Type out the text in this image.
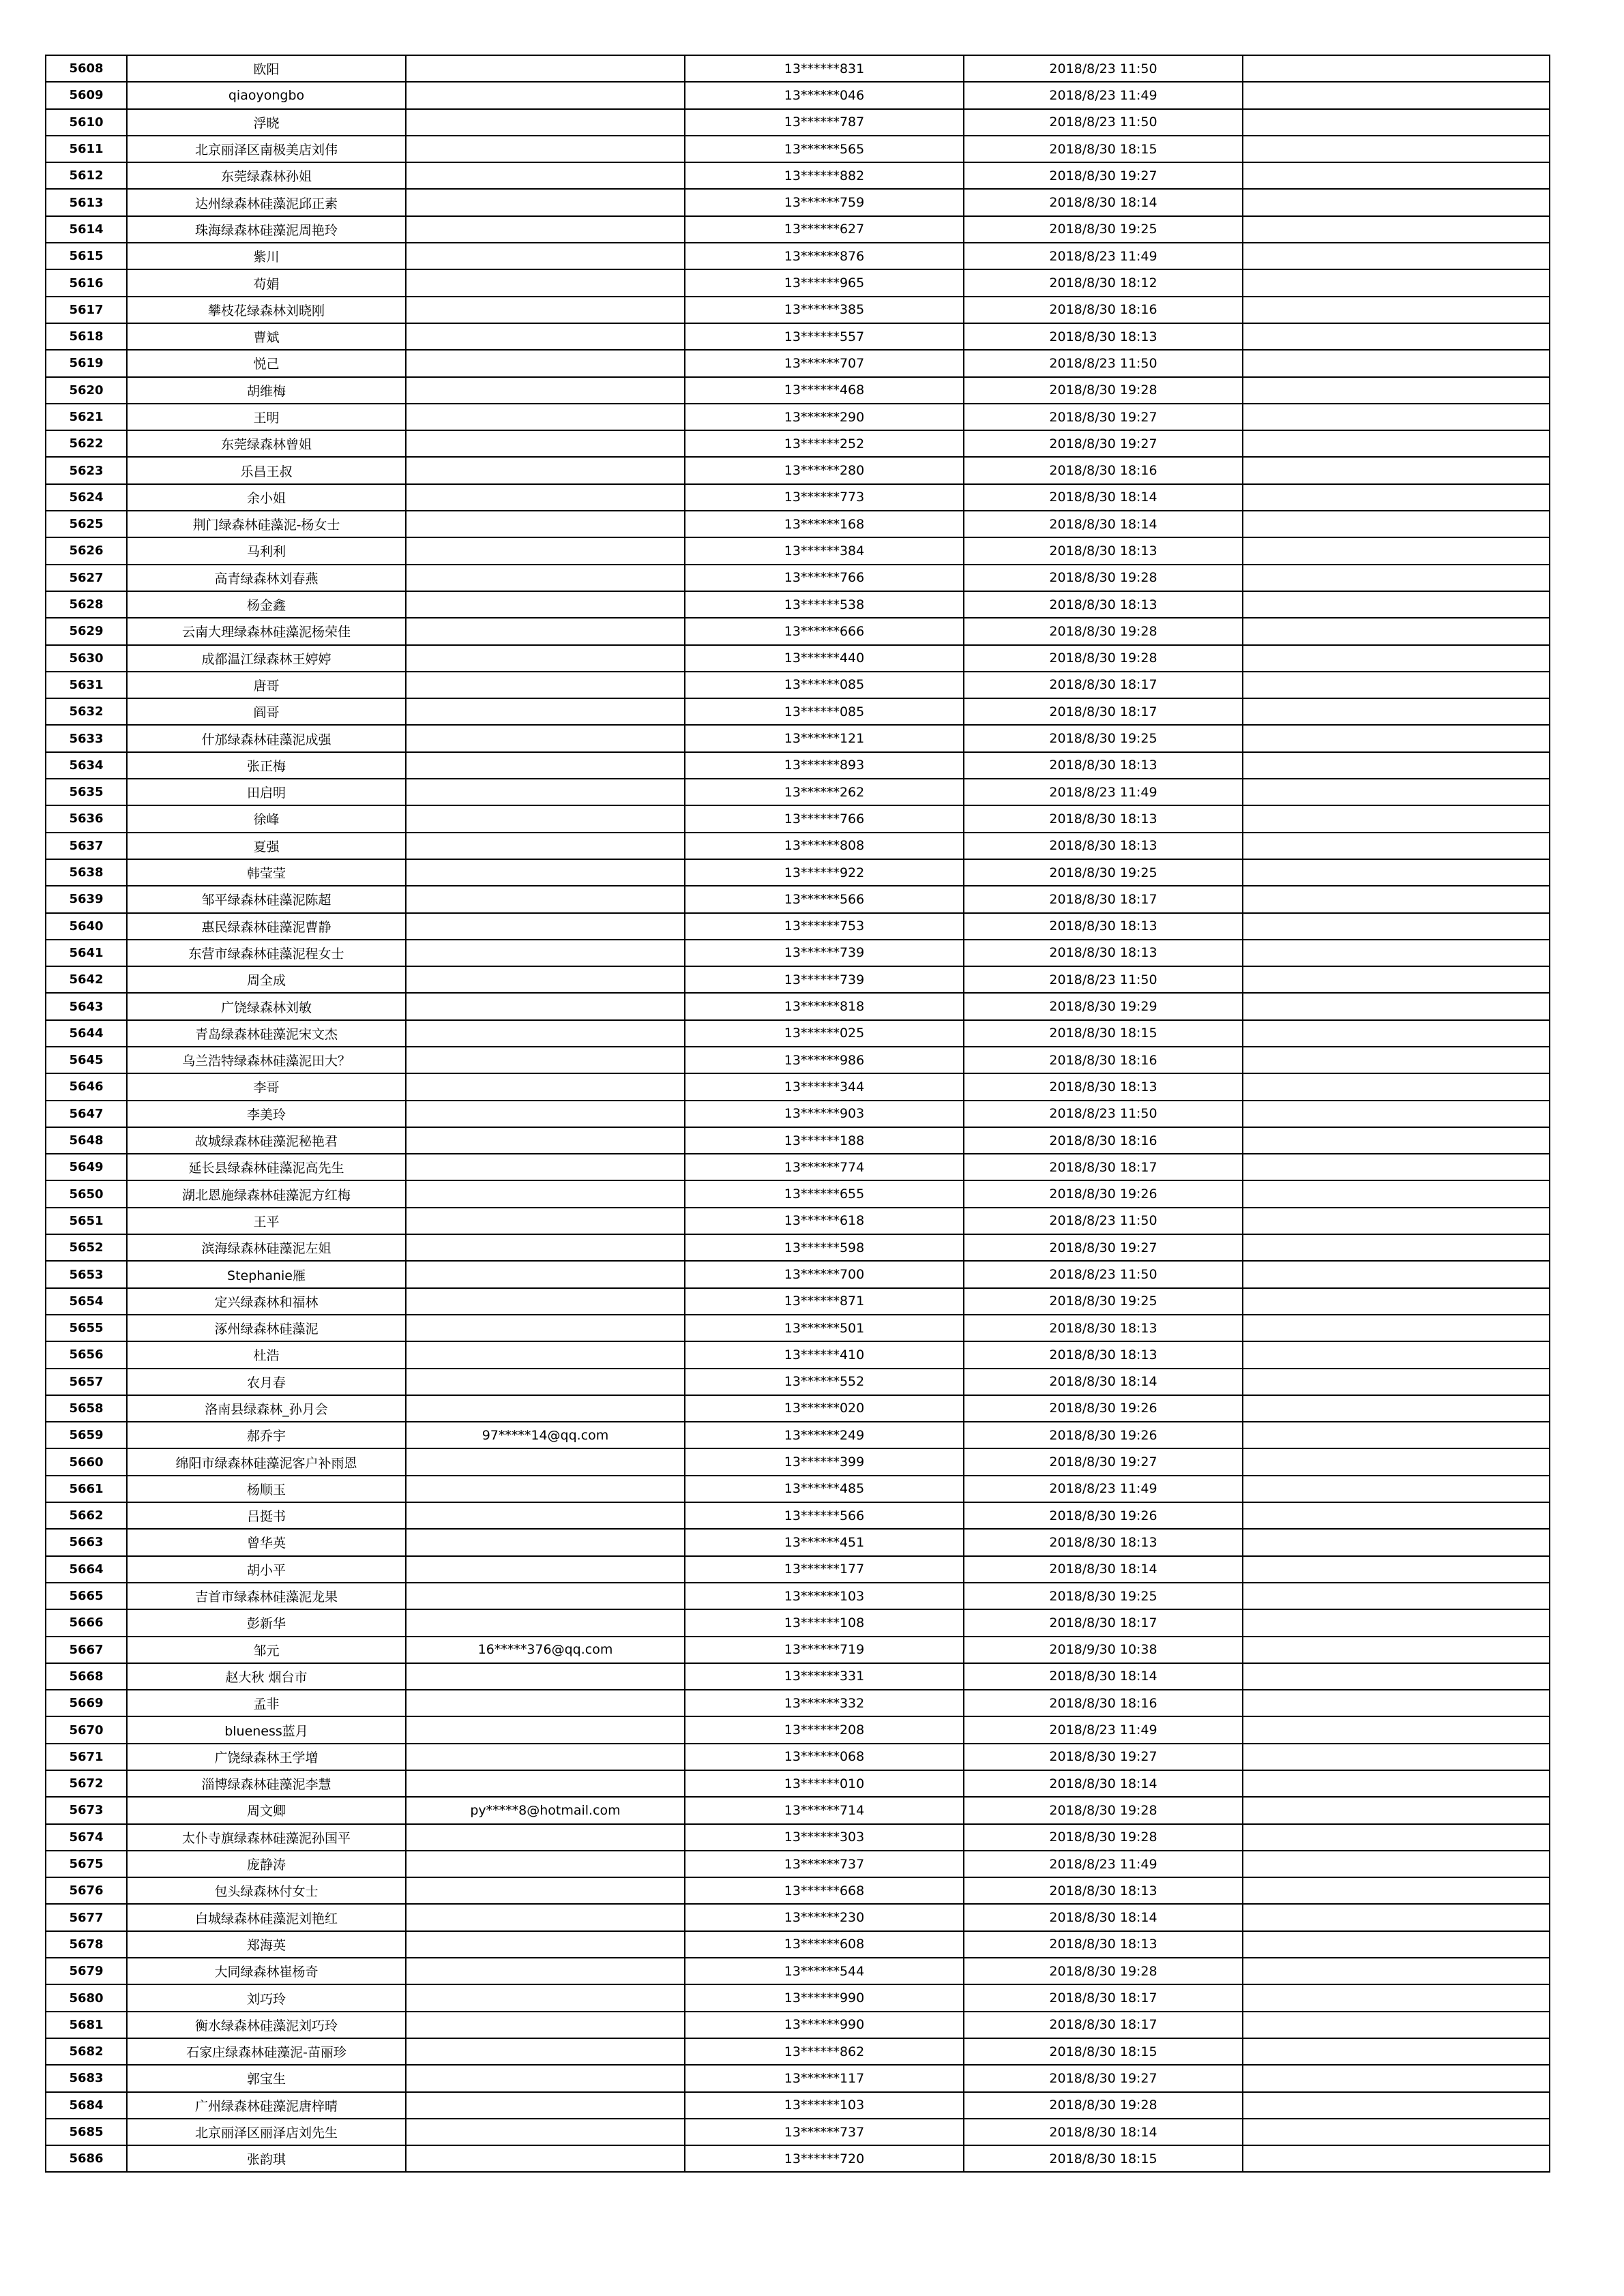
5608	欧阳		13******831	2018/8/23 11:50	
5609	qiaoyongbo		13******046	2018/8/23 11:49	
5610	浮晓		13******787	2018/8/23 11:50	
5611	北京丽泽区南极美店刘伟		13******565	2018/8/30 18:15	
5612	东莞绿森林孙姐		13******882	2018/8/30 19:27	
5613	达州绿森林硅藻泥邱正素		13******759	2018/8/30 18:14	
5614	珠海绿森林硅藻泥周艳玲		13******627	2018/8/30 19:25	
5615	紫川		13******876	2018/8/23 11:49	
5616	苟娟		13******965	2018/8/30 18:12	
5617	攀枝花绿森林刘晓刚		13******385	2018/8/30 18:16	
5618	曹斌		13******557	2018/8/30 18:13	
5619	悦己		13******707	2018/8/23 11:50	
5620	胡维梅		13******468	2018/8/30 19:28	
5621	王明		13******290	2018/8/30 19:27	
5622	东莞绿森林曾姐		13******252	2018/8/30 19:27	
5623	乐昌王叔		13******280	2018/8/30 18:16	
5624	余小姐		13******773	2018/8/30 18:14	
5625	荆门绿森林硅藻泥-杨女士		13******168	2018/8/30 18:14	
5626	马利利		13******384	2018/8/30 18:13	
5627	高青绿森林刘春燕		13******766	2018/8/30 19:28	
5628	杨金鑫		13******538	2018/8/30 18:13	
5629	云南大理绿森林硅藻泥杨荣佳		13******666	2018/8/30 19:28	
5630	成都温江绿森林王婷婷		13******440	2018/8/30 19:28	
5631	唐哥		13******085	2018/8/30 18:17	
5632	阎哥		13******085	2018/8/30 18:17	
5633	什邡绿森林硅藻泥成强		13******121	2018/8/30 19:25	
5634	张正梅		13******893	2018/8/30 18:13	
5635	田启明		13******262	2018/8/23 11:49	
5636	徐峰		13******766	2018/8/30 18:13	
5637	夏强		13******808	2018/8/30 18:13	
5638	韩莹莹		13******922	2018/8/30 19:25	
5639	邹平绿森林硅藻泥陈超		13******566	2018/8/30 18:17	
5640	惠民绿森林硅藻泥曹静		13******753	2018/8/30 18:13	
5641	东营市绿森林硅藻泥程女士		13******739	2018/8/30 18:13	
5642	周全成		13******739	2018/8/23 11:50	
5643	广饶绿森林刘敏		13******818	2018/8/30 19:29	
5644	青岛绿森林硅藻泥宋文杰		13******025	2018/8/30 18:15	
5645	乌兰浩特绿森林硅藻泥田大？		13******986	2018/8/30 18:16	
5646	李哥		13******344	2018/8/30 18:13	
5647	李美玲		13******903	2018/8/23 11:50	
5648	故城绿森林硅藻泥秘艳君		13******188	2018/8/30 18:16	
5649	延长县绿森林硅藻泥高先生		13******774	2018/8/30 18:17	
5650	湖北恩施绿森林硅藻泥方红梅		13******655	2018/8/30 19:26	
5651	王平		13******618	2018/8/23 11:50	
5652	滨海绿森林硅藻泥左姐		13******598	2018/8/30 19:27	
5653	Stephanie雁		13******700	2018/8/23 11:50	
5654	定兴绿森林和福林		13******871	2018/8/30 19:25	
5655	涿州绿森林硅藻泥		13******501	2018/8/30 18:13	
5656	杜浩		13******410	2018/8/30 18:13	
5657	农月春		13******552	2018/8/30 18:14	
5658	洛南县绿森林_孙月会		13******020	2018/8/30 19:26	
5659	郝乔宇	97*****14@qq.com	13******249	2018/8/30 19:26	
5660	绵阳市绿森林硅藻泥客户补雨恩		13******399	2018/8/30 19:27	
5661	杨顺玉		13******485	2018/8/23 11:49	
5662	吕挺书		13******566	2018/8/30 19:26	
5663	曾华英		13******451	2018/8/30 18:13	
5664	胡小平		13******177	2018/8/30 18:14	
5665	吉首市绿森林硅藻泥龙果		13******103	2018/8/30 19:25	
5666	彭新华		13******108	2018/8/30 18:17	
5667	邹元	16*****376@qq.com	13******719	2018/9/30 10:38	
5668	赵大秋 烟台市		13******331	2018/8/30 18:14	
5669	孟非		13******332	2018/8/30 18:16	
5670	blueness蓝月		13******208	2018/8/23 11:49	
5671	广饶绿森林王学增		13******068	2018/8/30 19:27	
5672	淄博绿森林硅藻泥李慧		13******010	2018/8/30 18:14	
5673	周文卿	py*****8@hotmail.com	13******714	2018/8/30 19:28	
5674	太仆寺旗绿森林硅藻泥孙国平		13******303	2018/8/30 19:28	
5675	庞静涛		13******737	2018/8/23 11:49	
5676	包头绿森林付女士		13******668	2018/8/30 18:13	
5677	白城绿森林硅藻泥刘艳红		13******230	2018/8/30 18:14	
5678	郑海英		13******608	2018/8/30 18:13	
5679	大同绿森林崔杨奇		13******544	2018/8/30 19:28	
5680	刘巧玲		13******990	2018/8/30 18:17	
5681	衡水绿森林硅藻泥刘巧玲		13******990	2018/8/30 18:17	
5682	石家庄绿森林硅藻泥-苗丽珍		13******862	2018/8/30 18:15	
5683	郭宝生		13******117	2018/8/30 19:27	
5684	广州绿森林硅藻泥唐梓晴		13******103	2018/8/30 19:28	
5685	北京丽泽区丽泽店刘先生		13******737	2018/8/30 18:14	
5686	张韵琪		13******720	2018/8/30 18:15	
